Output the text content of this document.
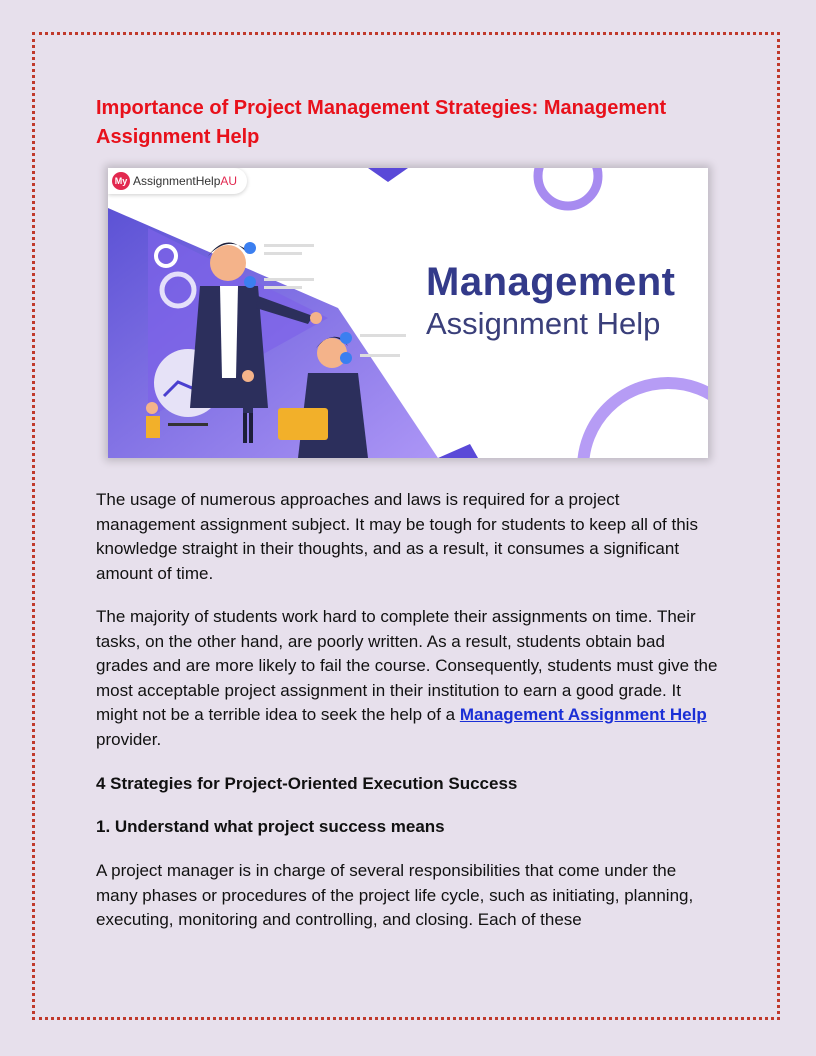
Importance of Project Management Strategies: Management Assignment Help
My AssignmentHelpAU
Management
Assignment Help

The usage of numerous approaches and laws is required for a project management assignment subject. It may be tough for students to keep all of this knowledge straight in their thoughts, and as a result, it consumes a significant amount of time.

The majority of students work hard to complete their assignments on time. Their tasks, on the other hand, are poorly written. As a result, students obtain bad grades and are more likely to fail the course. Consequently, students must give the most acceptable project assignment in their institution to earn a good grade. It might not be a terrible idea to seek the help of a Management Assignment Help provider.

4 Strategies for Project-Oriented Execution Success
1. Understand what project success means

A project manager is in charge of several responsibilities that come under the many phases or procedures of the project life cycle, such as initiating, planning, executing, monitoring and controlling, and closing. Each of these
